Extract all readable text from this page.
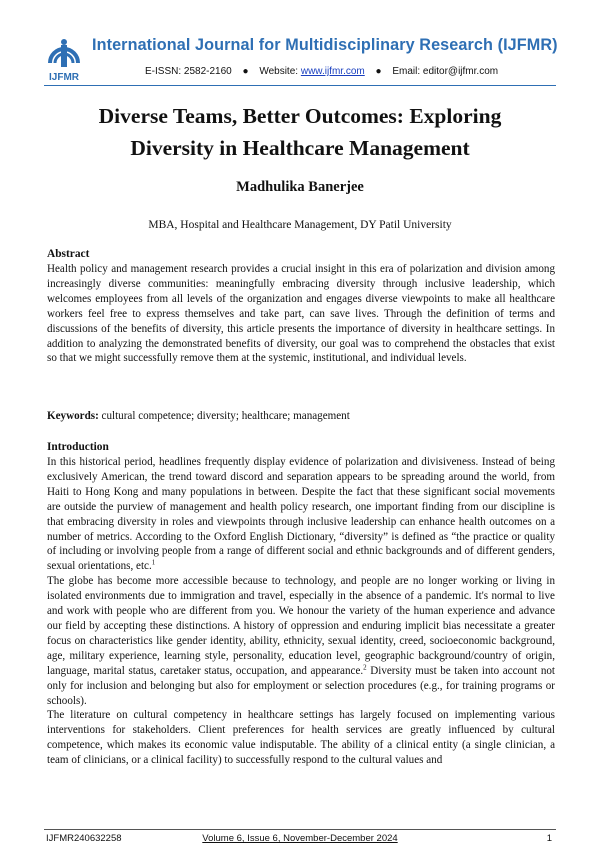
IJFMR
International Journal for Multidisciplinary Research (IJFMR)
E-ISSN: 2582-2160 ● Website: www.ijfmr.com ● Email: editor@ijfmr.com
Diverse Teams, Better Outcomes: Exploring
Diversity in Healthcare Management
Madhulika Banerjee
MBA, Hospital and Healthcare Management, DY Patil University
Abstract

Health policy and management research provides a crucial insight in this era of polarization and division among increasingly diverse communities: meaningfully embracing diversity through inclusive leadership, which welcomes employees from all levels of the organization and engages diverse viewpoints to make all healthcare workers feel free to express themselves and take part, can save lives. Through the definition of terms and discussions of the benefits of diversity, this article presents the importance of diversity in healthcare settings. In addition to analyzing the demonstrated benefits of diversity, our goal was to comprehend the obstacles that exist so that we might successfully remove them at the systemic, institutional, and individual levels.

Keywords: cultural competence; diversity; healthcare; management
Introduction

In this historical period, headlines frequently display evidence of polarization and divisiveness. Instead of being exclusively American, the trend toward discord and separation appears to be spreading around the world, from Haiti to Hong Kong and many populations in between. Despite the fact that these significant social movements are outside the purview of management and health policy research, one important finding from our discipline is that embracing diversity in roles and viewpoints through inclusive leadership can enhance health outcomes on a number of metrics. According to the Oxford English Dictionary, “diversity” is defined as “the practice or quality of including or involving people from a range of different social and ethnic backgrounds and of different genders, sexual orientations, etc.$^1$

The globe has become more accessible because to technology, and people are no longer working or living in isolated environments due to immigration and travel, especially in the absence of a pandemic. It's normal to live and work with people who are different from you. We honour the variety of the human experience and advance our field by accepting these distinctions. A history of oppression and enduring implicit bias necessitate a greater focus on characteristics like gender identity, ability, ethnicity, sexual identity, creed, socioeconomic background, age, military experience, learning style, personality, education level, geographic background/country of origin, language, marital status, caretaker status, occupation, and appearance.$^2$ Diversity must be taken into account not only for inclusion and belonging but also for employment or selection procedures (e.g., for training programs or schools).

The literature on cultural competency in healthcare settings has largely focused on implementing various interventions for stakeholders. Client preferences for health services are greatly influenced by cultural competence, which makes its economic value indisputable. The ability of a clinical entity (a single clinician, a team of clinicians, or a clinical facility) to successfully respond to the cultural values and

IJFMR240632258	Volume 6, Issue 6, November-December 2024	1
